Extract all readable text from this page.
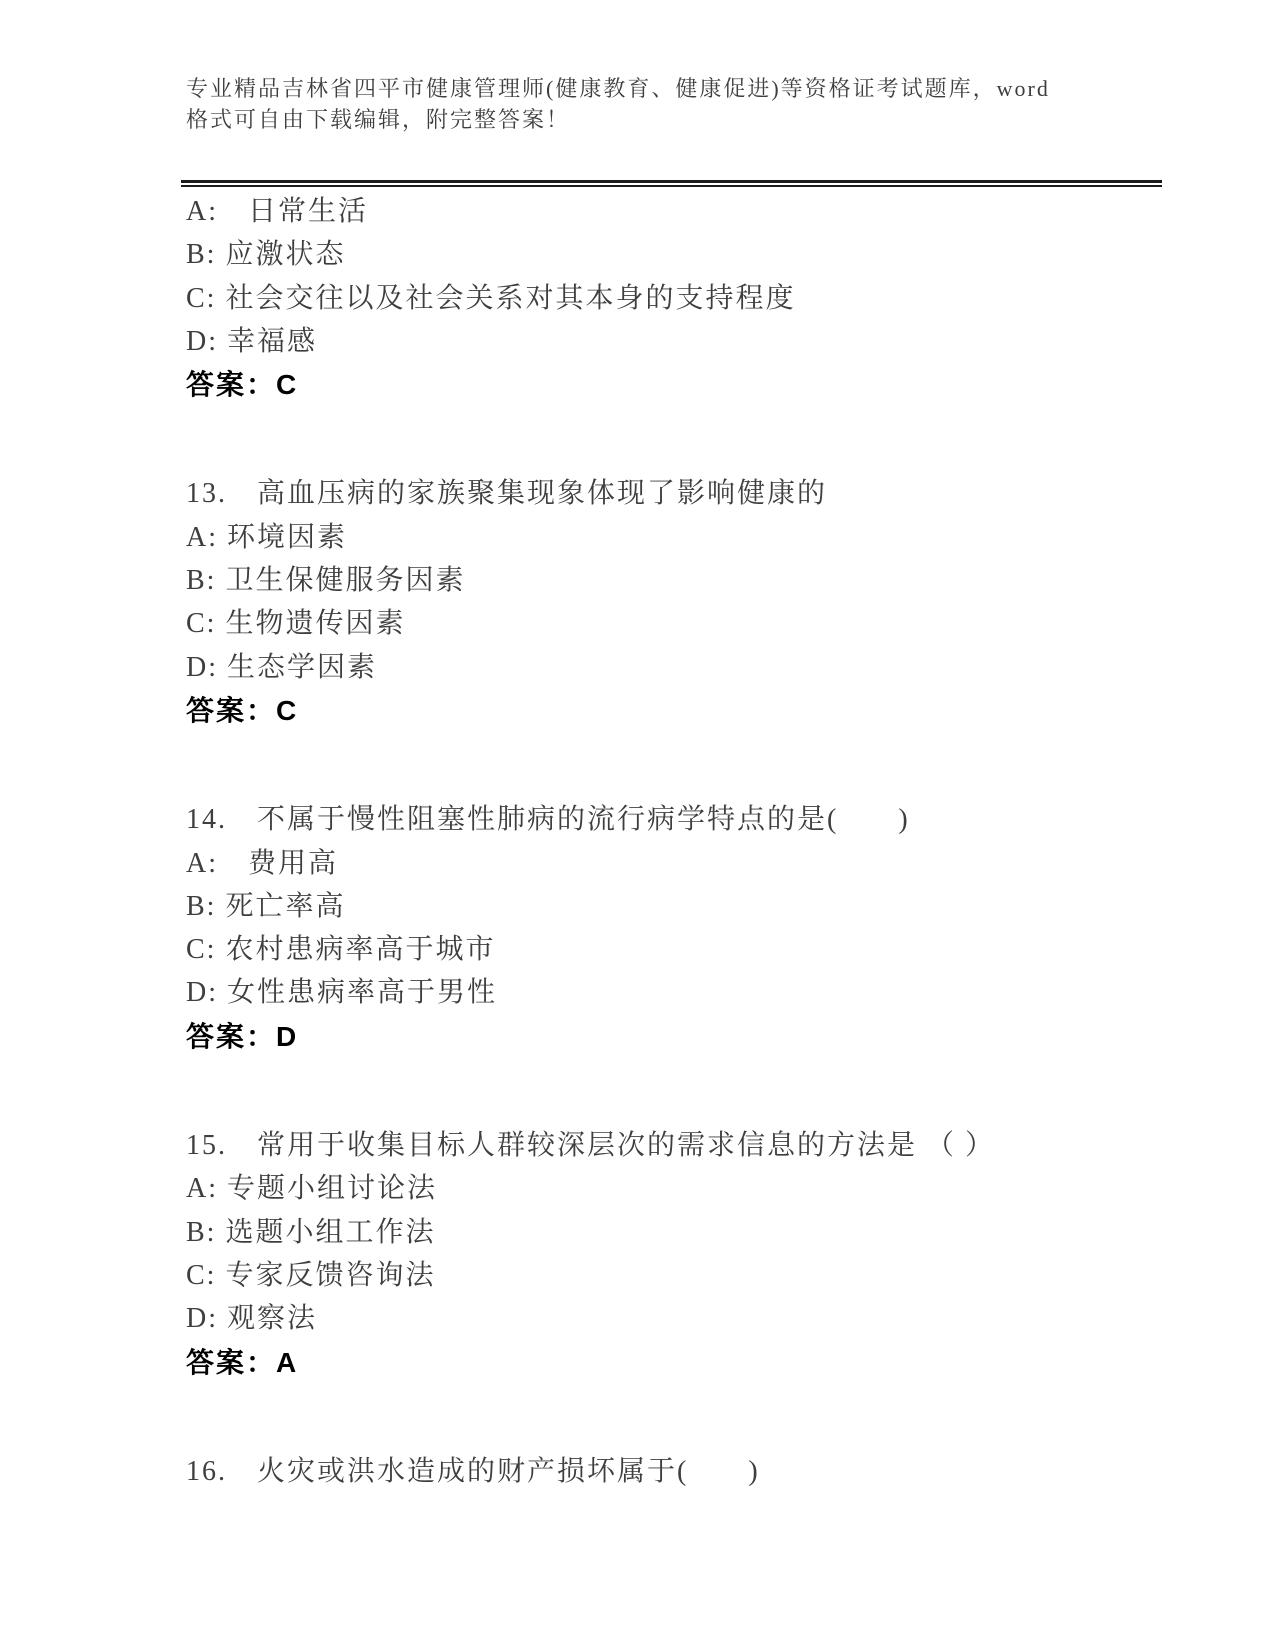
专业精品吉林省四平市健康管理师(健康教育、健康促进)等资格证考试题库，word
格式可自由下载编辑，附完整答案！
A:　日常生活
B: 应激状态
C: 社会交往以及社会关系对其本身的支持程度
D: 幸福感
答案：C
13.　高血压病的家族聚集现象体现了影响健康的
A: 环境因素
B: 卫生保健服务因素
C: 生物遗传因素
D: 生态学因素
答案：C
14.　不属于慢性阻塞性肺病的流行病学特点的是(　　)
A:　费用高
B: 死亡率高
C: 农村患病率高于城市
D: 女性患病率高于男性
答案：D
15.　常用于收集目标人群较深层次的需求信息的方法是 （ ）
A: 专题小组讨论法
B: 选题小组工作法
C: 专家反馈咨询法
D: 观察法
答案：A
16.　火灾或洪水造成的财产损坏属于(　　)
